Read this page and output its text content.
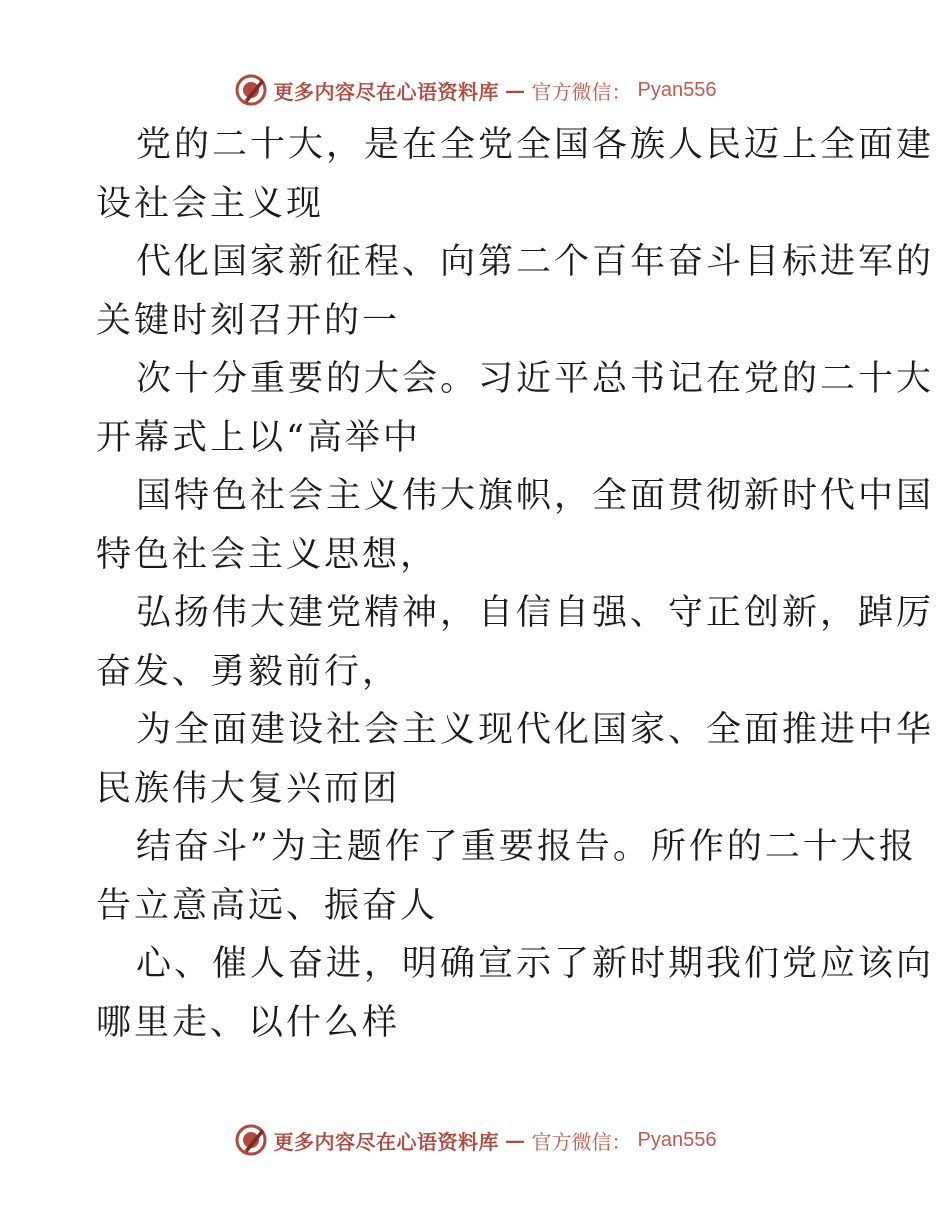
更多内容尽在心语资料库 — 官方微信： Pyan556
党的二十大，是在全党全国各族人民迈上全面建
设社会主义现
代化国家新征程、向第二个百年奋斗目标进军的
关键时刻召开的一
次十分重要的大会。习近平总书记在党的二十大
开幕式上以“高举中
国特色社会主义伟大旗帜，全面贯彻新时代中国
特色社会主义思想，
弘扬伟大建党精神，自信自强、守正创新，踔厉
奋发、勇毅前行，
为全面建设社会主义现代化国家、全面推进中华
民族伟大复兴而团
结奋斗”为主题作了重要报告。所作的二十大报
告立意高远、振奋人
心、催人奋进，明确宣示了新时期我们党应该向
哪里走、以什么样
更多内容尽在心语资料库 — 官方微信： Pyan556
